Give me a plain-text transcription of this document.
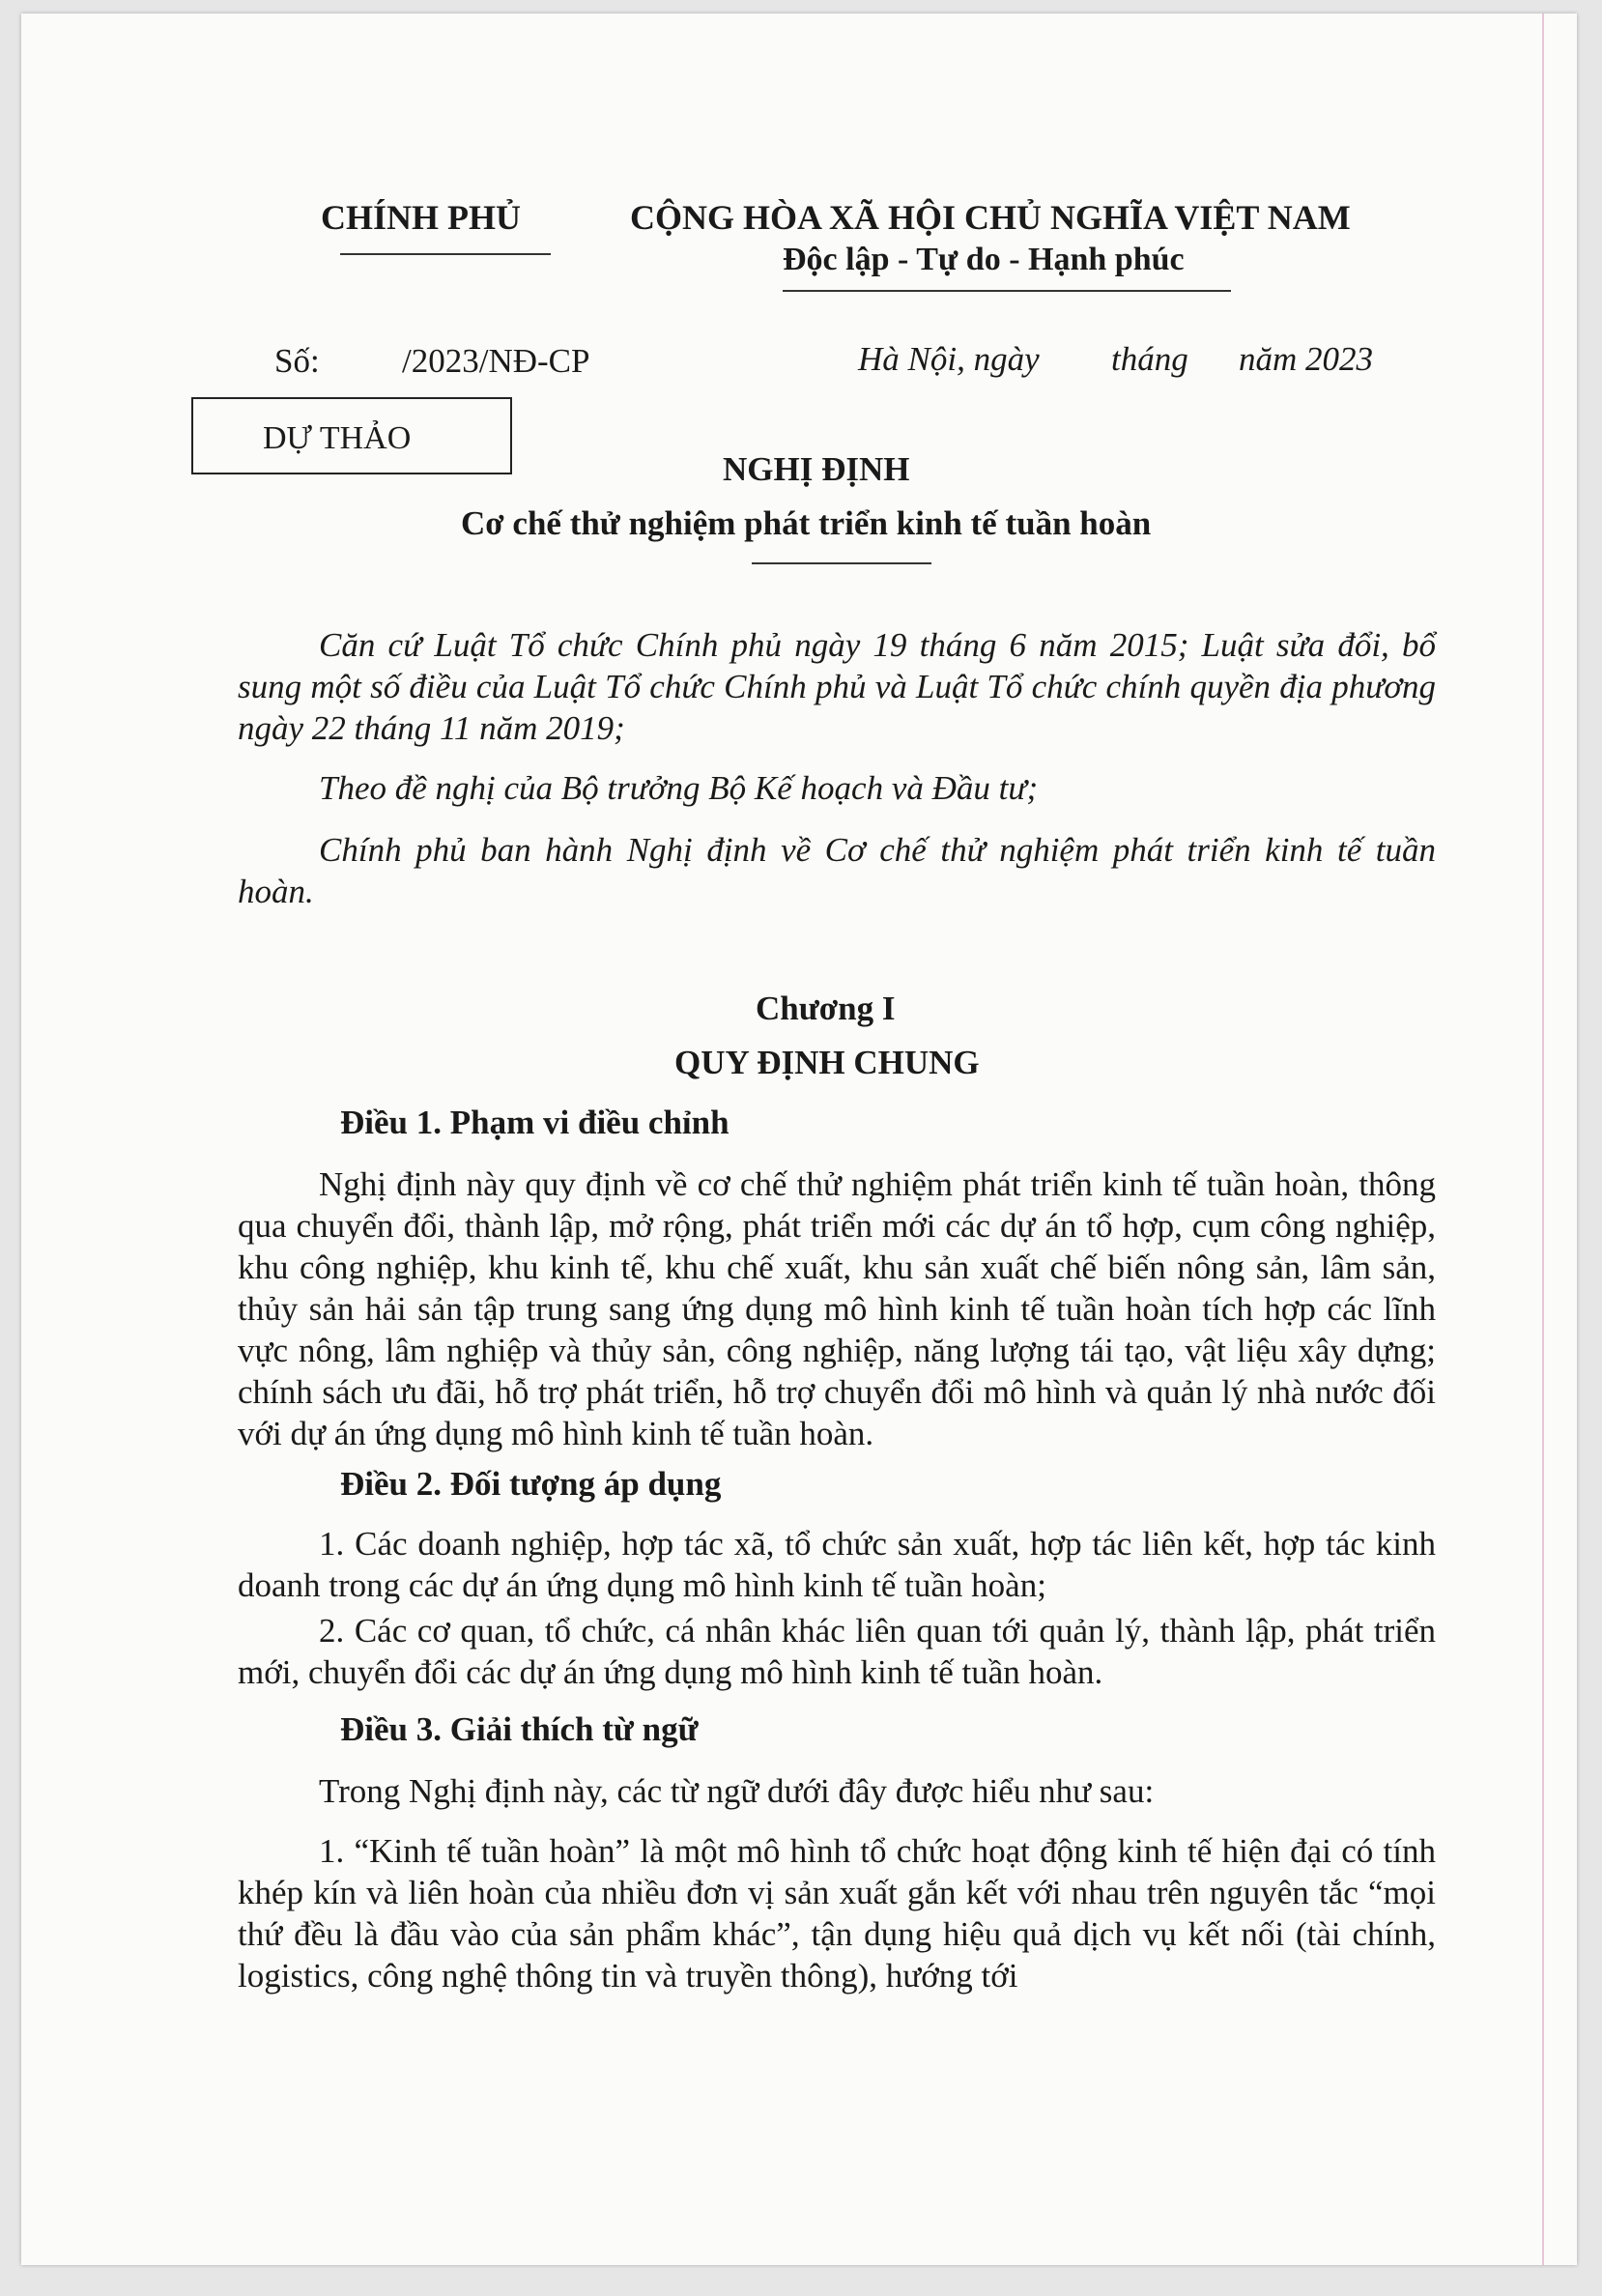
CHÍNH PHỦ	CỘNG HÒA XÃ HỘI CHỦ NGHĨA VIỆT NAM
Độc lập - Tự do - Hạnh phúc
Số: /2023/NĐ-CP	Hà Nội, ngày tháng năm 2023
DỰ THẢO
NGHỊ ĐỊNH
Cơ chế thử nghiệm phát triển kinh tế tuần hoàn
Căn cứ Luật Tổ chức Chính phủ ngày 19 tháng 6 năm 2015; Luật sửa đổi, bổ sung một số điều của Luật Tổ chức Chính phủ và Luật Tổ chức chính quyền địa phương ngày 22 tháng 11 năm 2019;
Theo đề nghị của Bộ trưởng Bộ Kế hoạch và Đầu tư;
Chính phủ ban hành Nghị định về Cơ chế thử nghiệm phát triển kinh tế tuần hoàn.
Chương I
QUY ĐỊNH CHUNG
Điều 1. Phạm vi điều chỉnh
Nghị định này quy định về cơ chế thử nghiệm phát triển kinh tế tuần hoàn, thông qua chuyển đổi, thành lập, mở rộng, phát triển mới các dự án tổ hợp, cụm công nghiệp, khu công nghiệp, khu kinh tế, khu chế xuất, khu sản xuất chế biến nông sản, lâm sản, thủy sản hải sản tập trung sang ứng dụng mô hình kinh tế tuần hoàn tích hợp các lĩnh vực nông, lâm nghiệp và thủy sản, công nghiệp, năng lượng tái tạo, vật liệu xây dựng; chính sách ưu đãi, hỗ trợ phát triển, hỗ trợ chuyển đổi mô hình và quản lý nhà nước đối với dự án ứng dụng mô hình kinh tế tuần hoàn.
Điều 2. Đối tượng áp dụng
1. Các doanh nghiệp, hợp tác xã, tổ chức sản xuất, hợp tác liên kết, hợp tác kinh doanh trong các dự án ứng dụng mô hình kinh tế tuần hoàn;
2. Các cơ quan, tổ chức, cá nhân khác liên quan tới quản lý, thành lập, phát triển mới, chuyển đổi các dự án ứng dụng mô hình kinh tế tuần hoàn.
Điều 3. Giải thích từ ngữ
Trong Nghị định này, các từ ngữ dưới đây được hiểu như sau:
1. “Kinh tế tuần hoàn” là một mô hình tổ chức hoạt động kinh tế hiện đại có tính khép kín và liên hoàn của nhiều đơn vị sản xuất gắn kết với nhau trên nguyên tắc “mọi thứ đều là đầu vào của sản phẩm khác”, tận dụng hiệu quả dịch vụ kết nối (tài chính, logistics, công nghệ thông tin và truyền thông), hướng tới
